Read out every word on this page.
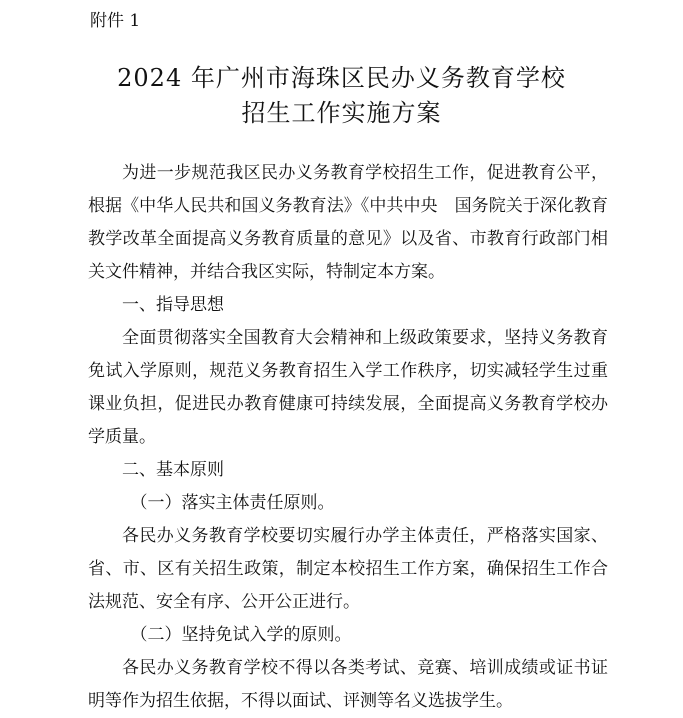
附件 1
2024 年广州市海珠区民办义务教育学校
招生工作实施方案

为进一步规范我区民办义务教育学校招生工作，促进教育公平，根据《中华人民共和国义务教育法》《中共中央　国务院关于深化教育教学改革全面提高义务教育质量的意见》以及省、市教育行政部门相关文件精神，并结合我区实际，特制定本方案。

一、指导思想

全面贯彻落实全国教育大会精神和上级政策要求，坚持义务教育免试入学原则，规范义务教育招生入学工作秩序，切实减轻学生过重课业负担，促进民办教育健康可持续发展，全面提高义务教育学校办学质量。

二、基本原则

（一）落实主体责任原则。

各民办义务教育学校要切实履行办学主体责任，严格落实国家、省、市、区有关招生政策，制定本校招生工作方案，确保招生工作合法规范、安全有序、公开公正进行。

（二）坚持免试入学的原则。

各民办义务教育学校不得以各类考试、竞赛、培训成绩或证书证明等作为招生依据，不得以面试、评测等名义选拔学生。
